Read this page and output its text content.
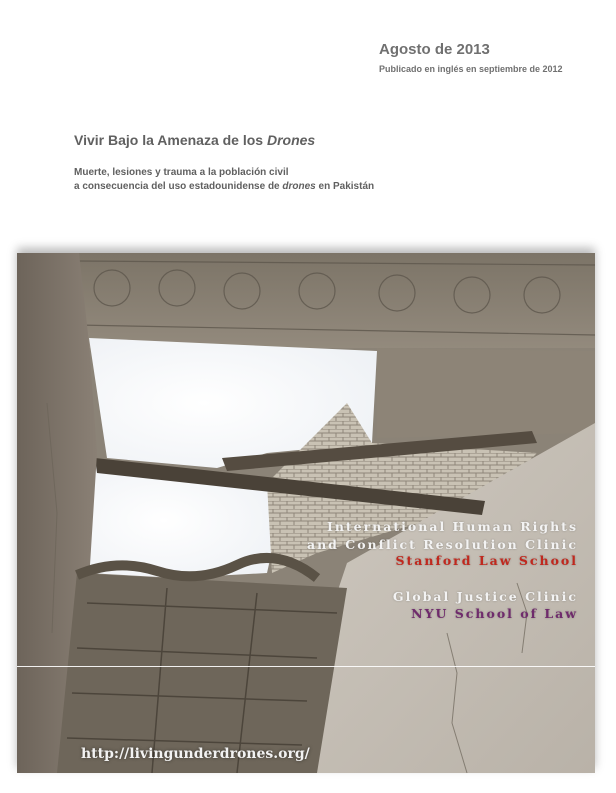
Agosto de 2013
Publicado en inglés en septiembre de 2012
Vivir Bajo la Amenaza de los Drones
Muerte, lesiones y trauma a la población civil
a consecuencia del uso estadounidense de drones en Pakistán
International Human Rights
and Conflict Resolution Clinic
Stanford Law School
Global Justice Clinic
NYU School of Law
http://livingunderdrones.org/
